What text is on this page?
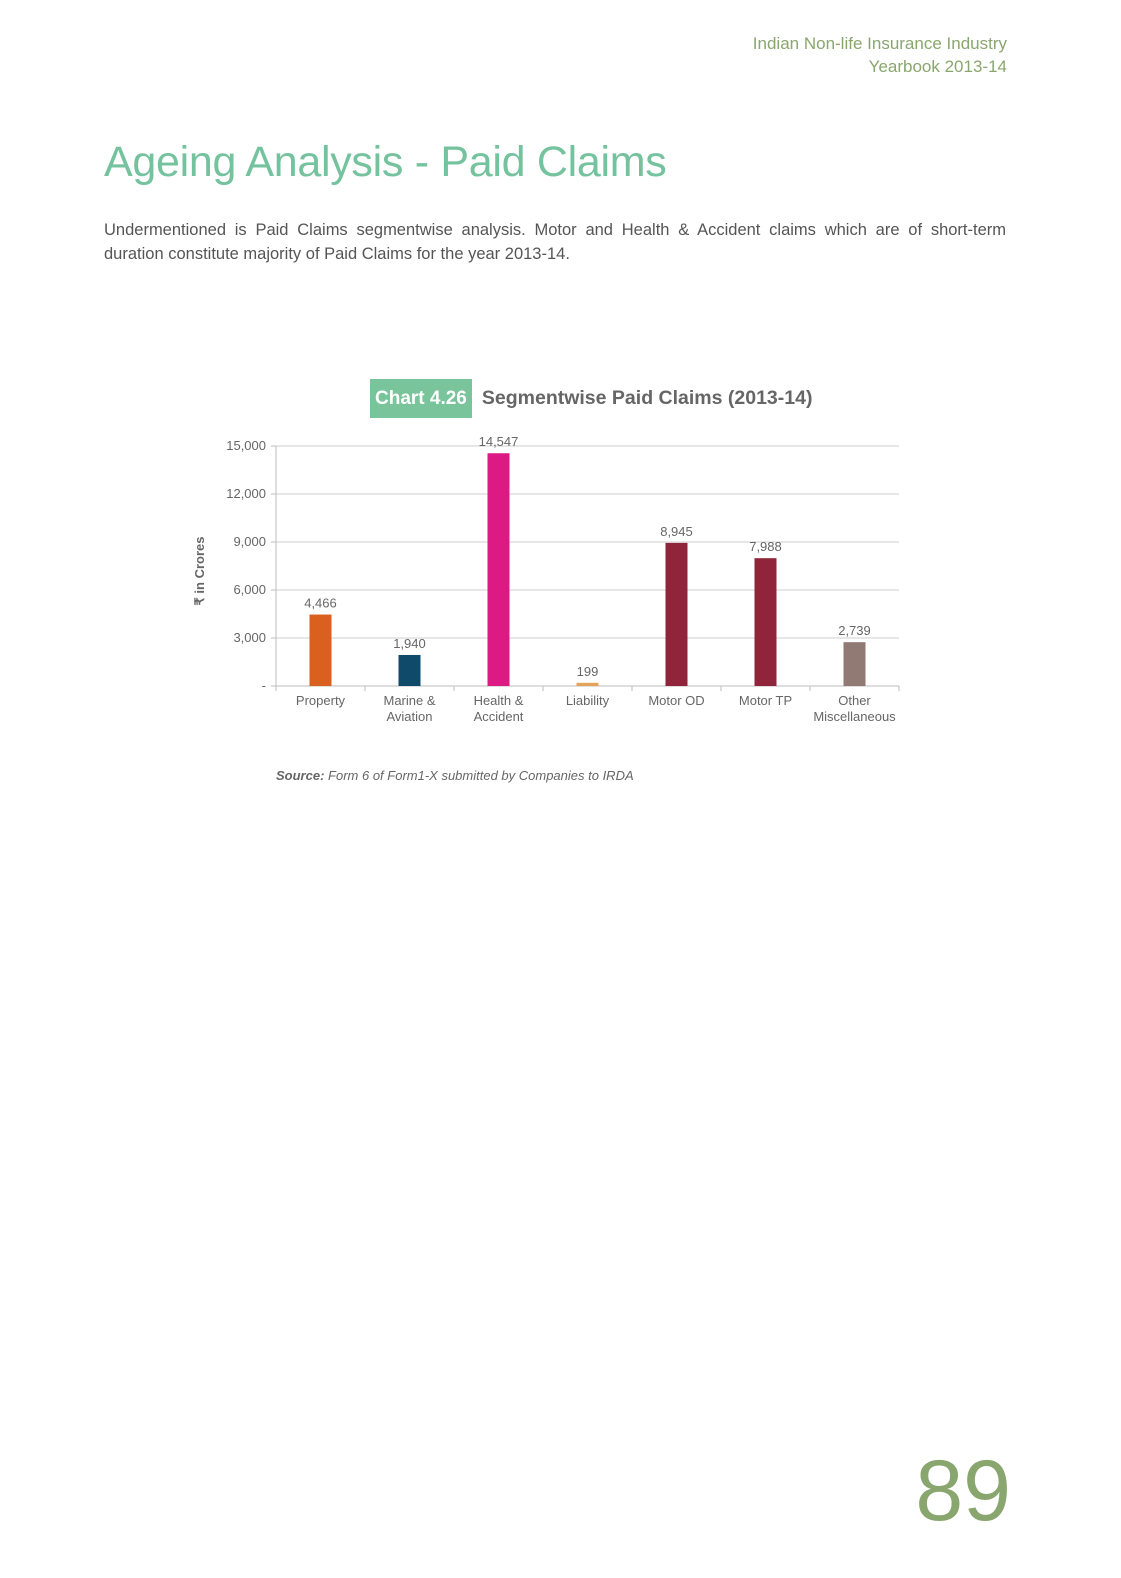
Indian Non-life Insurance Industry
Yearbook 2013-14
Ageing Analysis - Paid Claims
Undermentioned is Paid Claims segmentwise analysis. Motor and Health & Accident claims which are of short-term duration constitute majority of Paid Claims for the year 2013-14.
Chart 4.26 Segmentwise Paid Claims (2013-14)
-
3,000
6,000
9,000
12,000
15,000
₹ in Crores	4,466
Property
1,940
Marine &
Aviation
14,547
Health &
Accident
199
Liability
8,945
Motor OD
7,988
Motor TP
2,739
Other
Miscellaneous
Source: Form 6 of Form1-X submitted by Companies to IRDA
89
